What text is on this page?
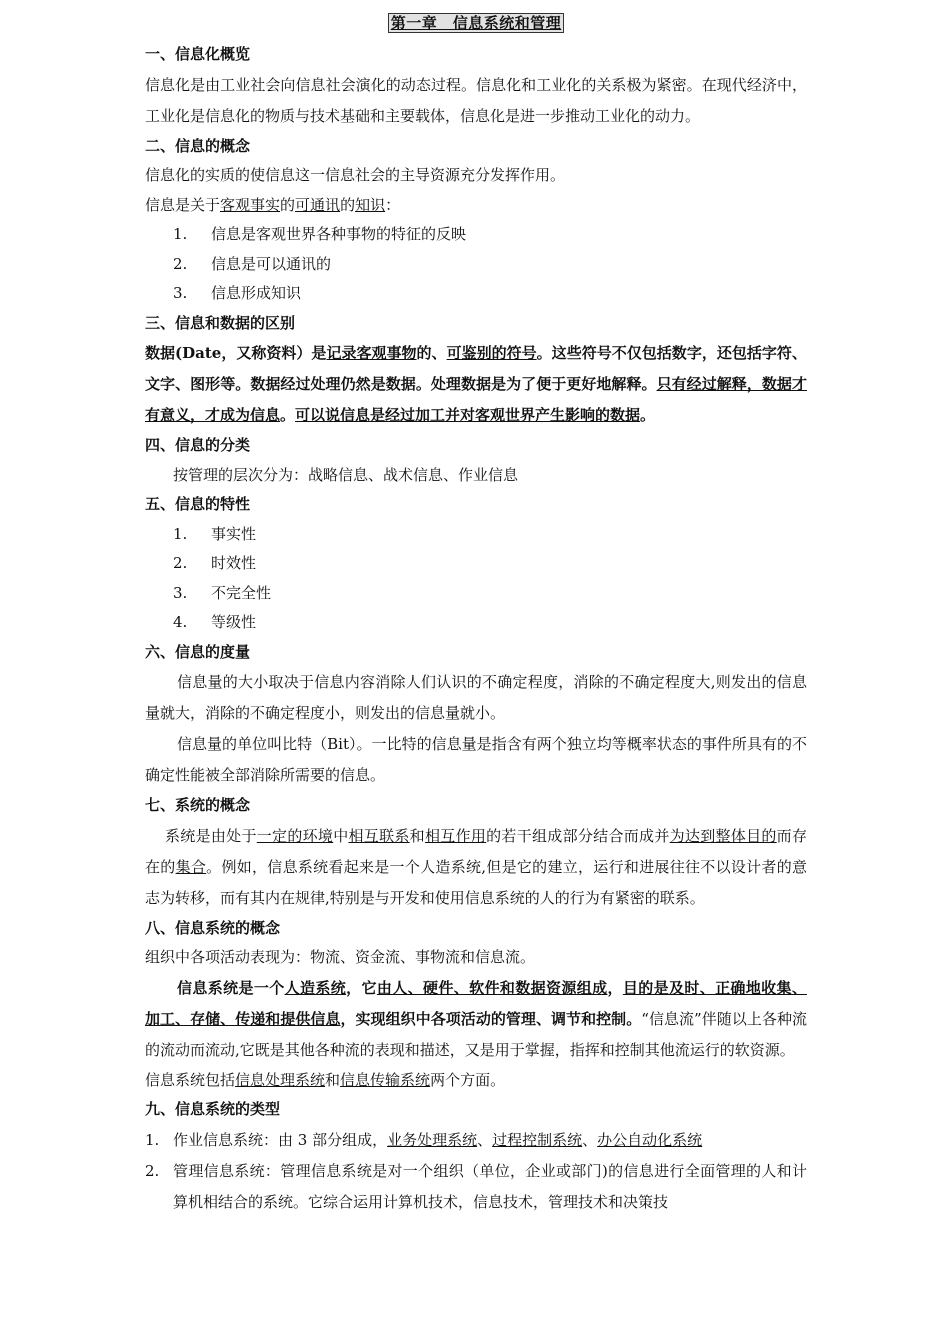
第一章　信息系统和管理
一、信息化概览
信息化是由工业社会向信息社会演化的动态过程。信息化和工业化的关系极为紧密。在现代经济中，工业化是信息化的物质与技术基础和主要载体，信息化是进一步推动工业化的动力。
二、信息的概念
信息化的实质的使信息这一信息社会的主导资源充分发挥作用。
信息是关于客观事实的可通讯的知识：
1. 信息是客观世界各种事物的特征的反映
2. 信息是可以通讯的
3. 信息形成知识
三、信息和数据的区别
数据(Date，又称资料）是记录客观事物的、可鉴别的符号。这些符号不仅包括数字，还包括字符、文字、图形等。数据经过处理仍然是数据。处理数据是为了便于更好地解释。只有经过解释，数据才有意义，才成为信息。可以说信息是经过加工并对客观世界产生影响的数据。
四、信息的分类
按管理的层次分为：战略信息、战术信息、作业信息
五、信息的特性
1. 事实性
2. 时效性
3. 不完全性
4. 等级性
六、信息的度量
信息量的大小取决于信息内容消除人们认识的不确定程度，消除的不确定程度大,则发出的信息量就大，消除的不确定程度小，则发出的信息量就小。
信息量的单位叫比特（Bit）。一比特的信息量是指含有两个独立均等概率状态的事件所具有的不确定性能被全部消除所需要的信息。
七、系统的概念
系统是由处于一定的环境中相互联系和相互作用的若干组成部分结合而成并为达到整体目的而存在的集合。例如，信息系统看起来是一个人造系统,但是它的建立，运行和进展往往不以设计者的意志为转移，而有其内在规律,特别是与开发和使用信息系统的人的行为有紧密的联系。
八、信息系统的概念
组织中各项活动表现为：物流、资金流、事物流和信息流。
信息系统是一个人造系统，它由人、硬件、软件和数据资源组成，目的是及时、正确地收集、加工、存储、传递和提供信息，实现组织中各项活动的管理、调节和控制。“信息流”伴随以上各种流的流动而流动,它既是其他各种流的表现和描述，又是用于掌握，指挥和控制其他流运行的软资源。
信息系统包括信息处理系统和信息传输系统两个方面。
九、信息系统的类型
1. 作业信息系统：由 3 部分组成，业务处理系统、过程控制系统、办公自动化系统
2. 管理信息系统：管理信息系统是对一个组织（单位，企业或部门)的信息进行全面管理的人和计算机相结合的系统。它综合运用计算机技术，信息技术，管理技术和决策技
